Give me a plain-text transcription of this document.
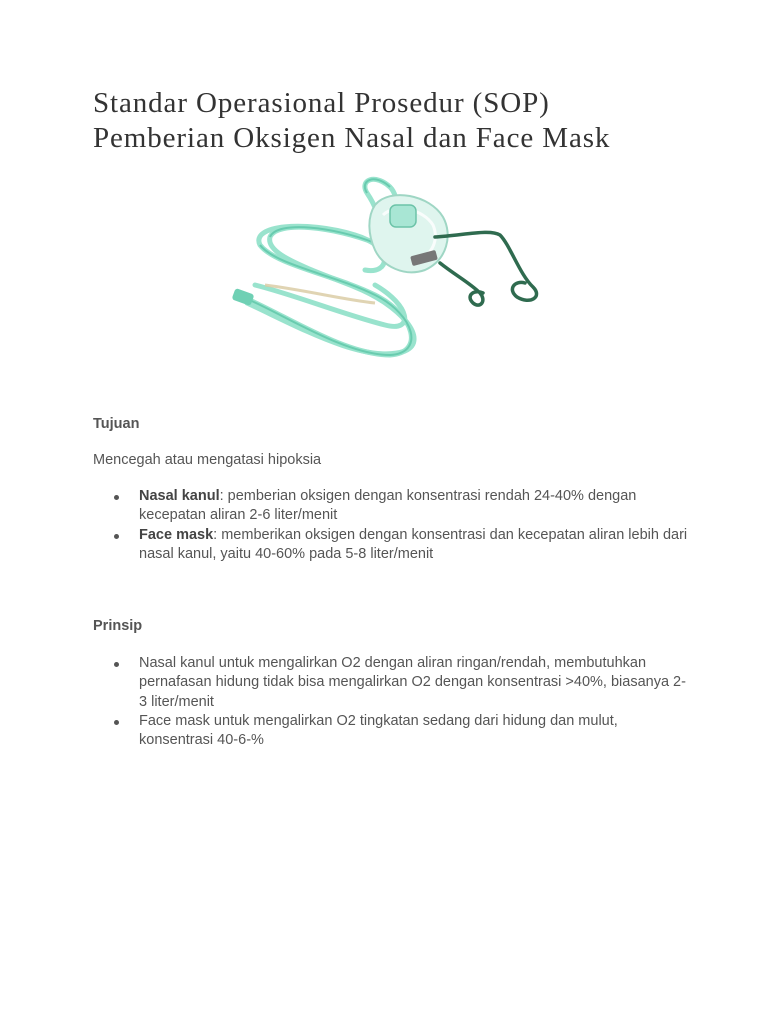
Standar Operasional Prosedur (SOP)
Pemberian Oksigen Nasal dan Face Mask
Tujuan

Mencegah atau mengatasi hipoksia

Nasal kanul: pemberian oksigen dengan konsentrasi rendah 24-40% dengan kecepatan aliran 2-6 liter/menit
Face mask: memberikan oksigen dengan konsentrasi dan kecepatan aliran lebih dari nasal kanul, yaitu 40-60% pada 5-8 liter/menit
Prinsip
Nasal kanul untuk mengalirkan O2 dengan aliran ringan/rendah, membutuhkan pernafasan hidung tidak bisa mengalirkan O2 dengan konsentrasi >40%, biasanya 2-3 liter/menit
Face mask untuk mengalirkan O2 tingkatan sedang dari hidung dan mulut, konsentrasi 40-6-%
